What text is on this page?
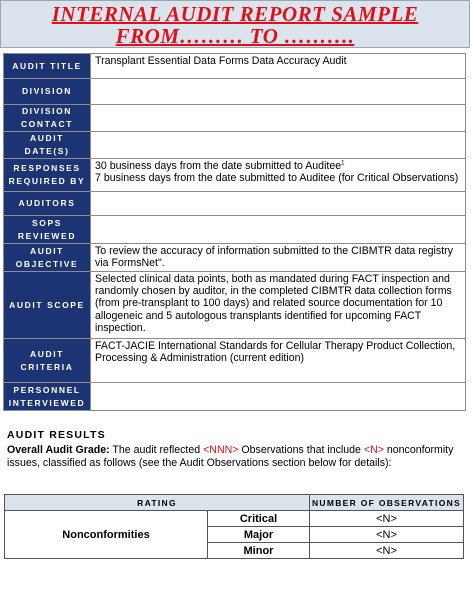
INTERNAL AUDIT REPORT SAMPLE
FROM……… TO ……….
AUDIT TITLE	Transplant Essential Data Forms Data Accuracy Audit
DIVISION	
DIVISION CONTACT	
AUDIT DATE(S)	
RESPONSES REQUIRED BY	30 business days from the date submitted to Auditee$^1$
7 business days from the date submitted to Auditee (for Critical Observations)

AUDITORS	
SOPS REVIEWED	
AUDIT OBJECTIVE	To review the accuracy of information submitted to the CIBMTR data registry via FormsNet".
AUDIT SCOPE	Selected clinical data points, both as mandated during FACT inspection and randomly chosen by auditor, in the completed CIBMTR data collection forms (from pre-transplant to 100 days) and related source documentation for 10 allogeneic and 5 autologous transplants identified for upcoming FACT inspection.
AUDIT CRITERIA	FACT-JACIE International Standards for Cellular Therapy Product Collection, Processing & Administration (current edition)
PERSONNEL INTERVIEWED	
AUDIT RESULTS
Overall Audit Grade: The audit reflected <NNN> Observations that include <N> nonconformity issues, classified as follows (see the Audit Observations section below for details):
RATING		NUMBER OF OBSERVATIONS
Nonconformities	Critical	<N>
	Major	<N>
	Minor	<N>
